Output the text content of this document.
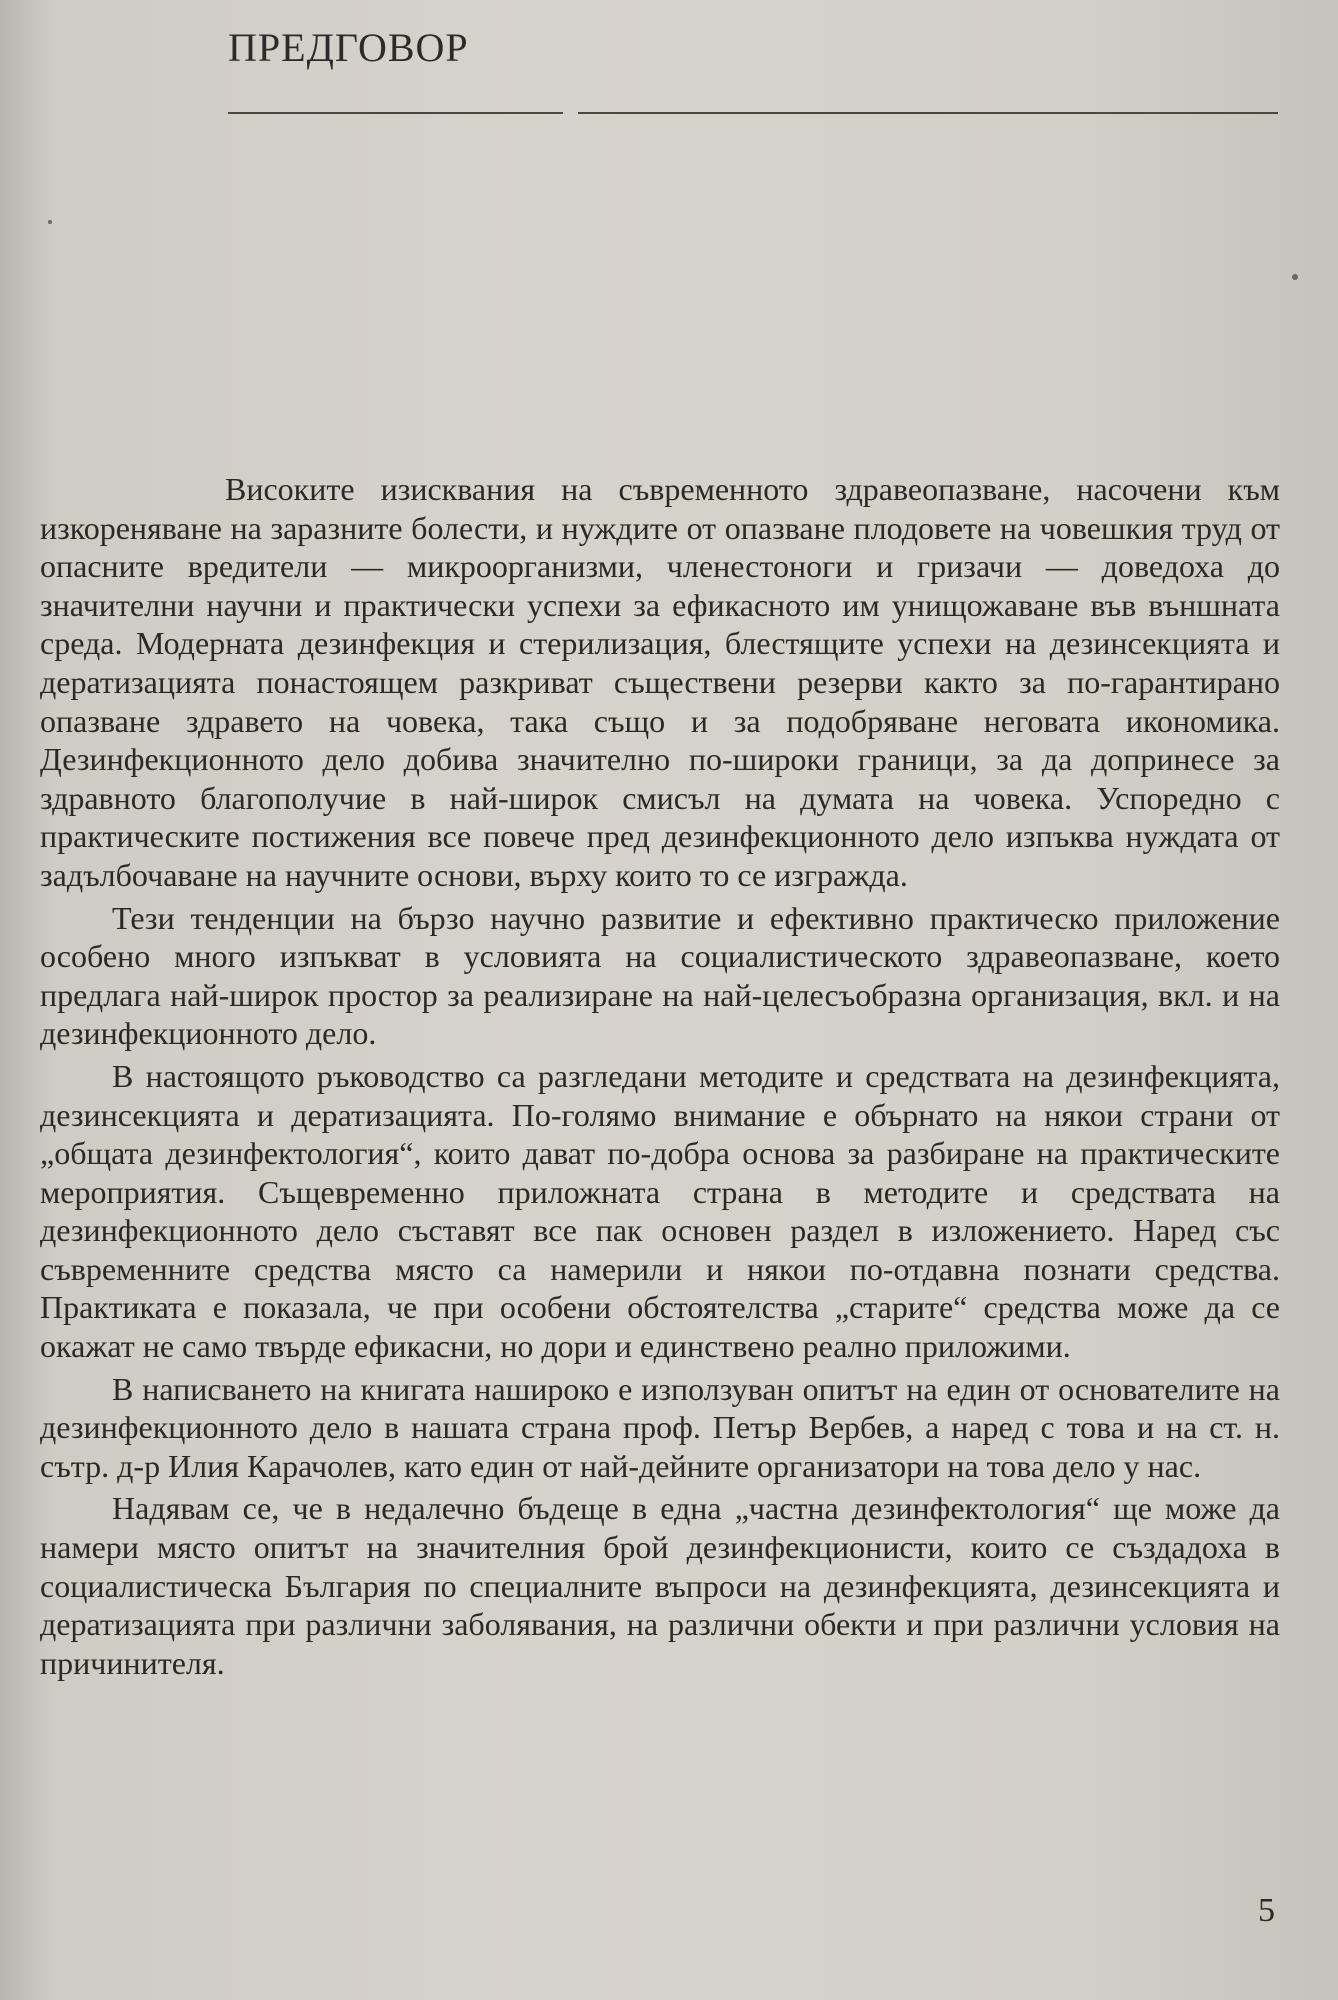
ПРЕДГОВОР

Високите изисквания на съвременното здравеопазване, насочени към изкореняване на заразните болести, и нуждите от опазване плодовете на човешкия труд от опасните вредители — микроорганизми, членестоноги и гризачи — доведоха до значителни научни и практически успехи за ефикасното им унищожаване във външната среда. Модерната дезинфекция и стерилизация, блестящите успехи на дезинсекцията и дератизацията понастоящем разкриват съществени резерви както за по-гарантирано опазване здравето на човека, така също и за подобряване неговата икономика. Дезинфекционното дело добива значително по-широки граници, за да допринесе за здравното благополучие в най-широк смисъл на думата на човека. Успоредно с практическите постижения все повече пред дезинфекционното дело изпъква нуждата от задълбочаване на научните основи, върху които то се изгражда.

Тези тенденции на бързо научно развитие и ефективно практическо приложение особено много изпъкват в условията на социалистическото здравеопазване, което предлага най-широк простор за реализиране на най-целесъобразна организация, вкл. и на дезинфекционното дело.

В настоящото ръководство са разгледани методите и средствата на дезинфекцията, дезинсекцията и дератизацията. По-голямо внимание е обърнато на някои страни от „общата дезинфектология“, които дават по-добра основа за разбиране на практическите мероприятия. Същевременно приложната страна в методите и средствата на дезинфекционното дело съставят все пак основен раздел в изложението. Наред със съвременните средства място са намерили и някои по-отдавна познати средства. Практиката е показала, че при особени обстоятелства „старите“ средства може да се окажат не само твърде ефикасни, но дори и единствено реално приложими.

В написването на книгата нашироко е използуван опитът на един от основателите на дезинфекционното дело в нашата страна проф. Петър Вербев, а наред с това и на ст. н. сътр. д-р Илия Карачолев, като един от най-дейните организатори на това дело у нас.

Надявам се, че в недалечно бъдеще в една „частна дезинфектология“ ще може да намери място опитът на значителния брой дезинфекционисти, които се създадоха в социалистическа България по специалните въпроси на дезинфекцията, дезинсекцията и дератизацията при различни заболявания, на различни обекти и при различни условия на причинителя.

5
